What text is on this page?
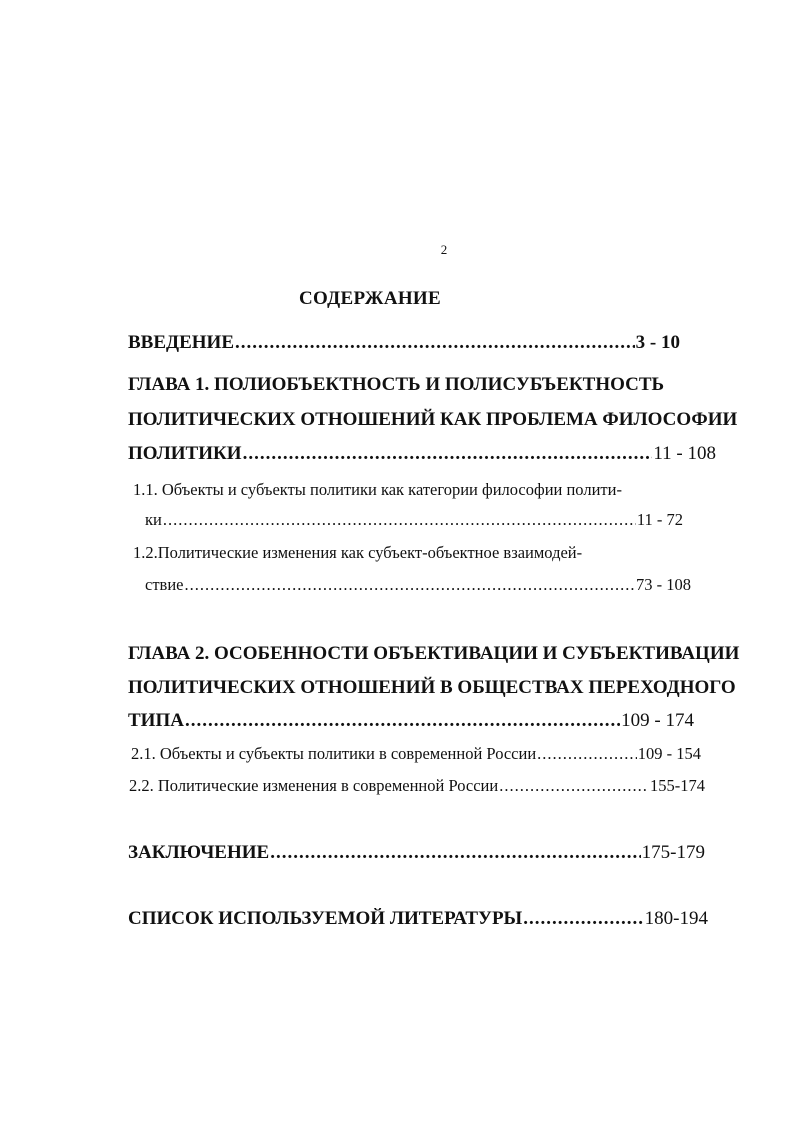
2
СОДЕРЖАНИЕ
ВВЕДЕНИЕ .....	3 - 10
ГЛАВА 1. ПОЛИОБЪЕКТНОСТЬ И ПОЛИСУБЪЕКТНОСТЬ
ПОЛИТИЧЕСКИХ ОТНОШЕНИЙ КАК ПРОБЛЕМА ФИЛОСОФИИ
ПОЛИТИКИ .....	11 - 108
1.1. Объекты и субъекты политики как категории философии полити-
ки .....	11 - 72
1.2.Политические изменения как субъект-объектное взаимодей-
ствие .....	73 - 108
ГЛАВА 2. ОСОБЕННОСТИ ОБЪЕКТИВАЦИИ И СУБЪЕКТИВАЦИИ
ПОЛИТИЧЕСКИХ ОТНОШЕНИЙ В ОБЩЕСТВАХ ПЕРЕХОДНОГО
ТИПА .....	109 - 174
2.1. Объекты и субъекты политики в современной России .....	109 - 154
2.2. Политические изменения в современной России .....	155-174
ЗАКЛЮЧЕНИЕ .....	175-179
СПИСОК ИСПОЛЬЗУЕМОЙ ЛИТЕРАТУРЫ .....	180-194
